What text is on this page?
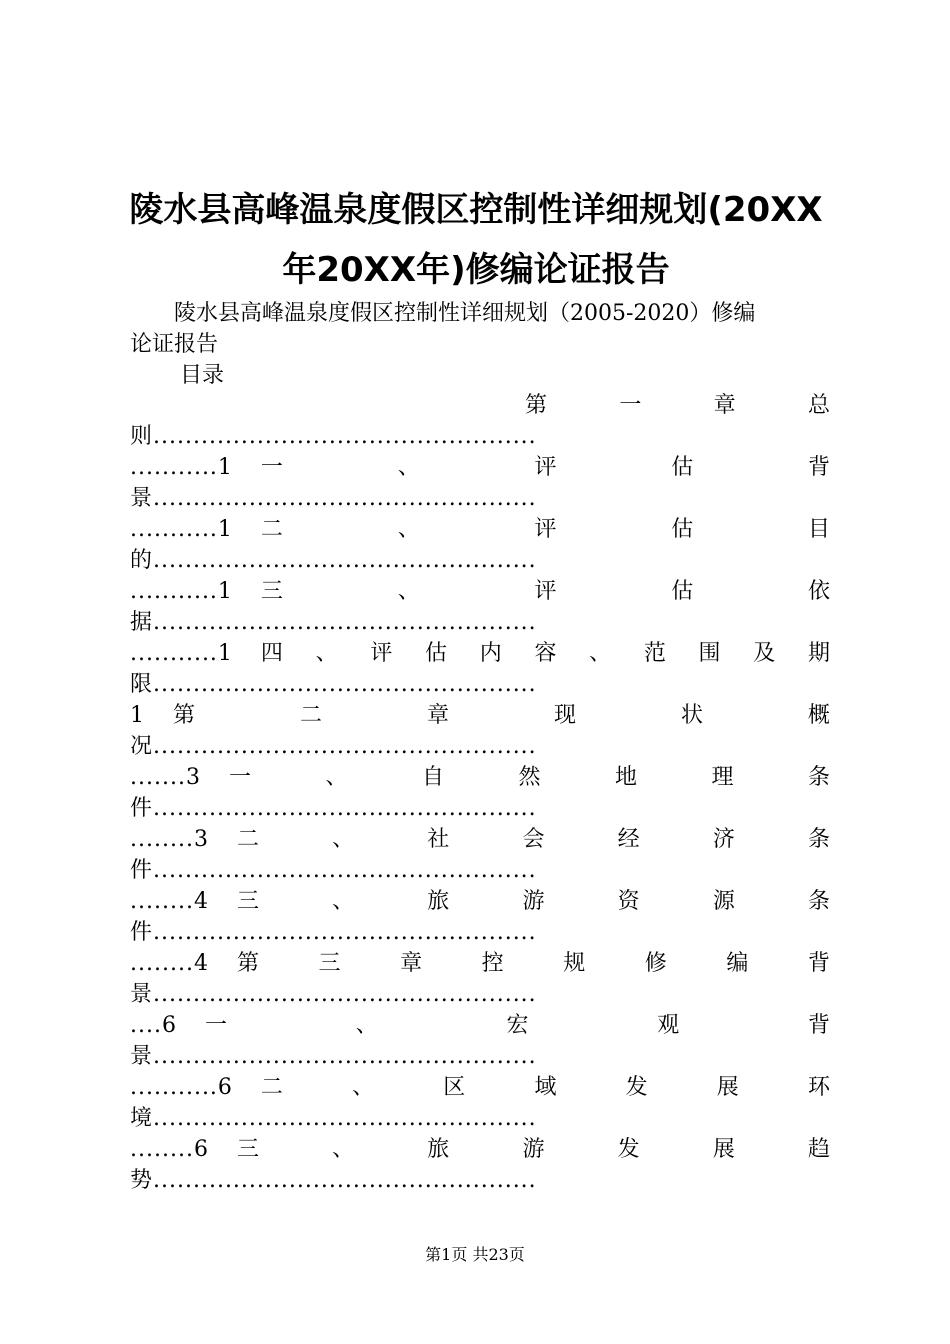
陵水县高峰温泉度假区控制性详细规划(20XX
年20XX年)修编论证报告
陵水县高峰温泉度假区控制性详细规划（2005-2020）修编
论证报告
目录
第	一	章	总
则................................................
...........1 一	、	评	估	背
景................................................
...........1 二	、	评	估	目
的................................................
...........1 三	、	评	估	依
据................................................
...........1 四 、 评 估 内 容 、 范 围 及 期
限................................................
1 第	二	章	现	状	概
况................................................
.......3 一	、	自	然	地	理	条
件................................................
........3 二	、	社	会	经	济	条
件................................................
........4 三	、	旅	游	资	源	条
件................................................
........4 第	三	章	控	规	修	编	背
景................................................
....6 一	、	宏	观	背
景................................................
...........6 二	、	区	域	发	展	环
境................................................
........6 三	、	旅	游	发	展	趋
势................................................
第1页 共23页
